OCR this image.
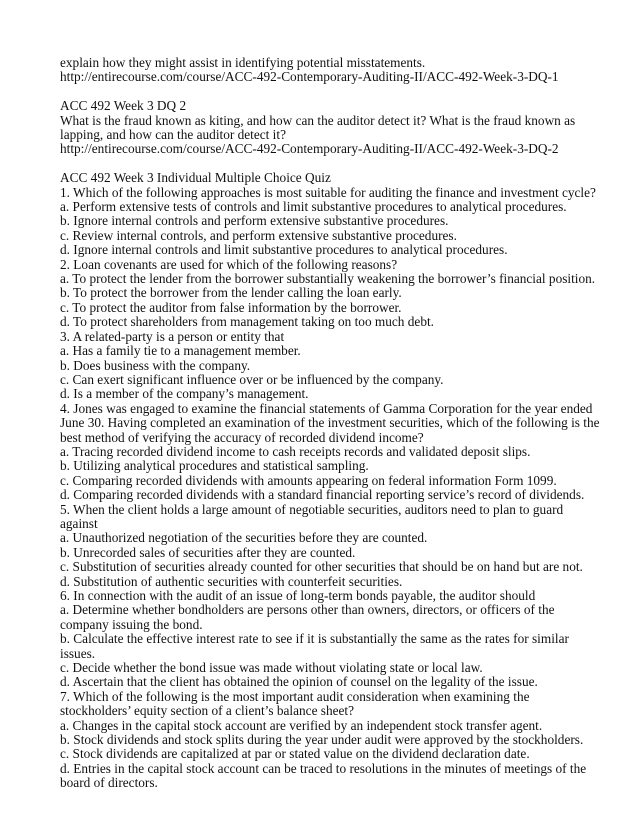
explain how they might assist in identifying potential misstatements.
http://entirecourse.com/course/ACC-492-Contemporary-Auditing-II/ACC-492-Week-3-DQ-1
ACC 492 Week 3 DQ 2
What is the fraud known as kiting, and how can the auditor detect it? What is the fraud known as lapping, and how can the auditor detect it?
http://entirecourse.com/course/ACC-492-Contemporary-Auditing-II/ACC-492-Week-3-DQ-2
ACC 492 Week 3 Individual Multiple Choice Quiz
1. Which of the following approaches is most suitable for auditing the finance and investment cycle?
a. Perform extensive tests of controls and limit substantive procedures to analytical procedures.
b. Ignore internal controls and perform extensive substantive procedures.
c. Review internal controls, and perform extensive substantive procedures.
d. Ignore internal controls and limit substantive procedures to analytical procedures.
2. Loan covenants are used for which of the following reasons?
a. To protect the lender from the borrower substantially weakening the borrower’s financial position.
b. To protect the borrower from the lender calling the loan early.
c. To protect the auditor from false information by the borrower.
d. To protect shareholders from management taking on too much debt.
3. A related-party is a person or entity that
a. Has a family tie to a management member.
b. Does business with the company.
c. Can exert significant influence over or be influenced by the company.
d. Is a member of the company’s management.
4. Jones was engaged to examine the financial statements of Gamma Corporation for the year ended June 30. Having completed an examination of the investment securities, which of the following is the best method of verifying the accuracy of recorded dividend income?
a. Tracing recorded dividend income to cash receipts records and validated deposit slips.
b. Utilizing analytical procedures and statistical sampling.
c. Comparing recorded dividends with amounts appearing on federal information Form 1099.
d. Comparing recorded dividends with a standard financial reporting service’s record of dividends.
5. When the client holds a large amount of negotiable securities, auditors need to plan to guard against
a. Unauthorized negotiation of the securities before they are counted.
b. Unrecorded sales of securities after they are counted.
c. Substitution of securities already counted for other securities that should be on hand but are not.
d. Substitution of authentic securities with counterfeit securities.
6. In connection with the audit of an issue of long-term bonds payable, the auditor should
a. Determine whether bondholders are persons other than owners, directors, or officers of the company issuing the bond.
b. Calculate the effective interest rate to see if it is substantially the same as the rates for similar issues.
c. Decide whether the bond issue was made without violating state or local law.
d. Ascertain that the client has obtained the opinion of counsel on the legality of the issue.
7. Which of the following is the most important audit consideration when examining the stockholders’ equity section of a client’s balance sheet?
a. Changes in the capital stock account are verified by an independent stock transfer agent.
b. Stock dividends and stock splits during the year under audit were approved by the stockholders.
c. Stock dividends are capitalized at par or stated value on the dividend declaration date.
d. Entries in the capital stock account can be traced to resolutions in the minutes of meetings of the board of directors.
